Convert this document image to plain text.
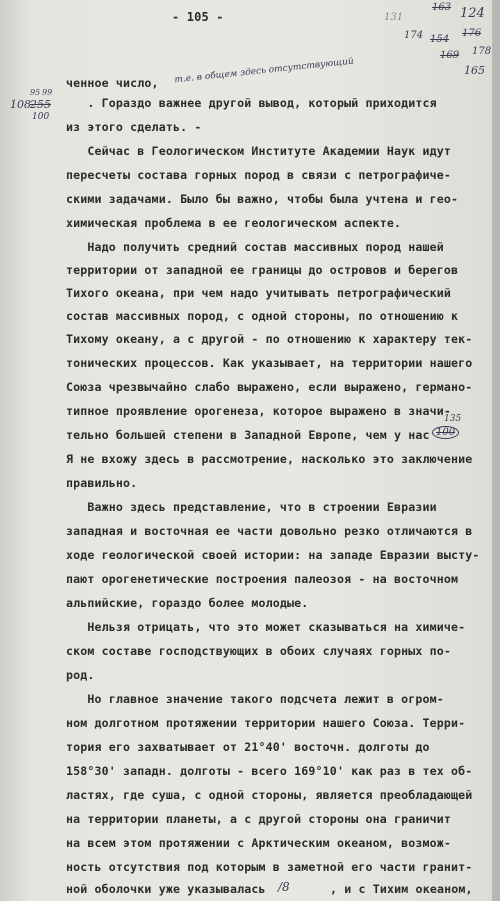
- 105 -	131
163 124
174 154
176
169 178
165
108
95 99
255
100
т.е. в общем здесь отсутствующий
ченное число,
. Гораздо важнее другой вывод, который приходится
из этого сделать. -
Сейчас в Геологическом Институте Академии Наук идут
пересчеты состава горных пород в связи с петрографиче-
скими задачами. Было бы важно, чтобы была учтена и гео-
химическая проблема в ее геологическом аспекте.
Надо получить средний состав массивных пород нашей
территории от западной ее границы до островов и берегов
Тихого океана, при чем надо учитывать петрографический
состав массивных пород, с одной стороны, по отношению к
Тихому океану, а с другой - по отношению к характеру тек-
тонических процессов. Как указывает, на территории нашего
Союза чрезвычайно слабо выражено, если выражено, германо-
типное проявление орогенеза, которое выражено в значи-
тельно большей степени в Западной Европе, чем у нас
135
100
Я не вхожу здесь в рассмотрение, насколько это заключение
правильно.
Важно здесь представление, что в строении Евразии
западная и восточная ее части довольно резко отличаются в
ходе геологической своей истории: на западе Евразии высту-
пают орогенетические построения палеозоя - на восточном
альпийские, гораздо более молодые.
Нельзя отрицать, что это может сказываться на химиче-
ском составе господствующих в обоих случаях горных по-
род.
Но главное значение такого подсчета лежит в огром-
ном долготном протяжении территории нашего Союза. Терри-
тория его захватывает от 21°40' восточн. долготы до
158°30' западн. долготы - всего 169°10' как раз в тех об-
ластях, где суша, с одной стороны, является преобладающей
на территории планеты, а с другой стороны она граничит
на всем этом протяжении с Арктическим океаном, возмож-
ность отсутствия под которым в заметной его части гранит-
ной оболочки уже указывалась /8	, и с Тихим океаном,
